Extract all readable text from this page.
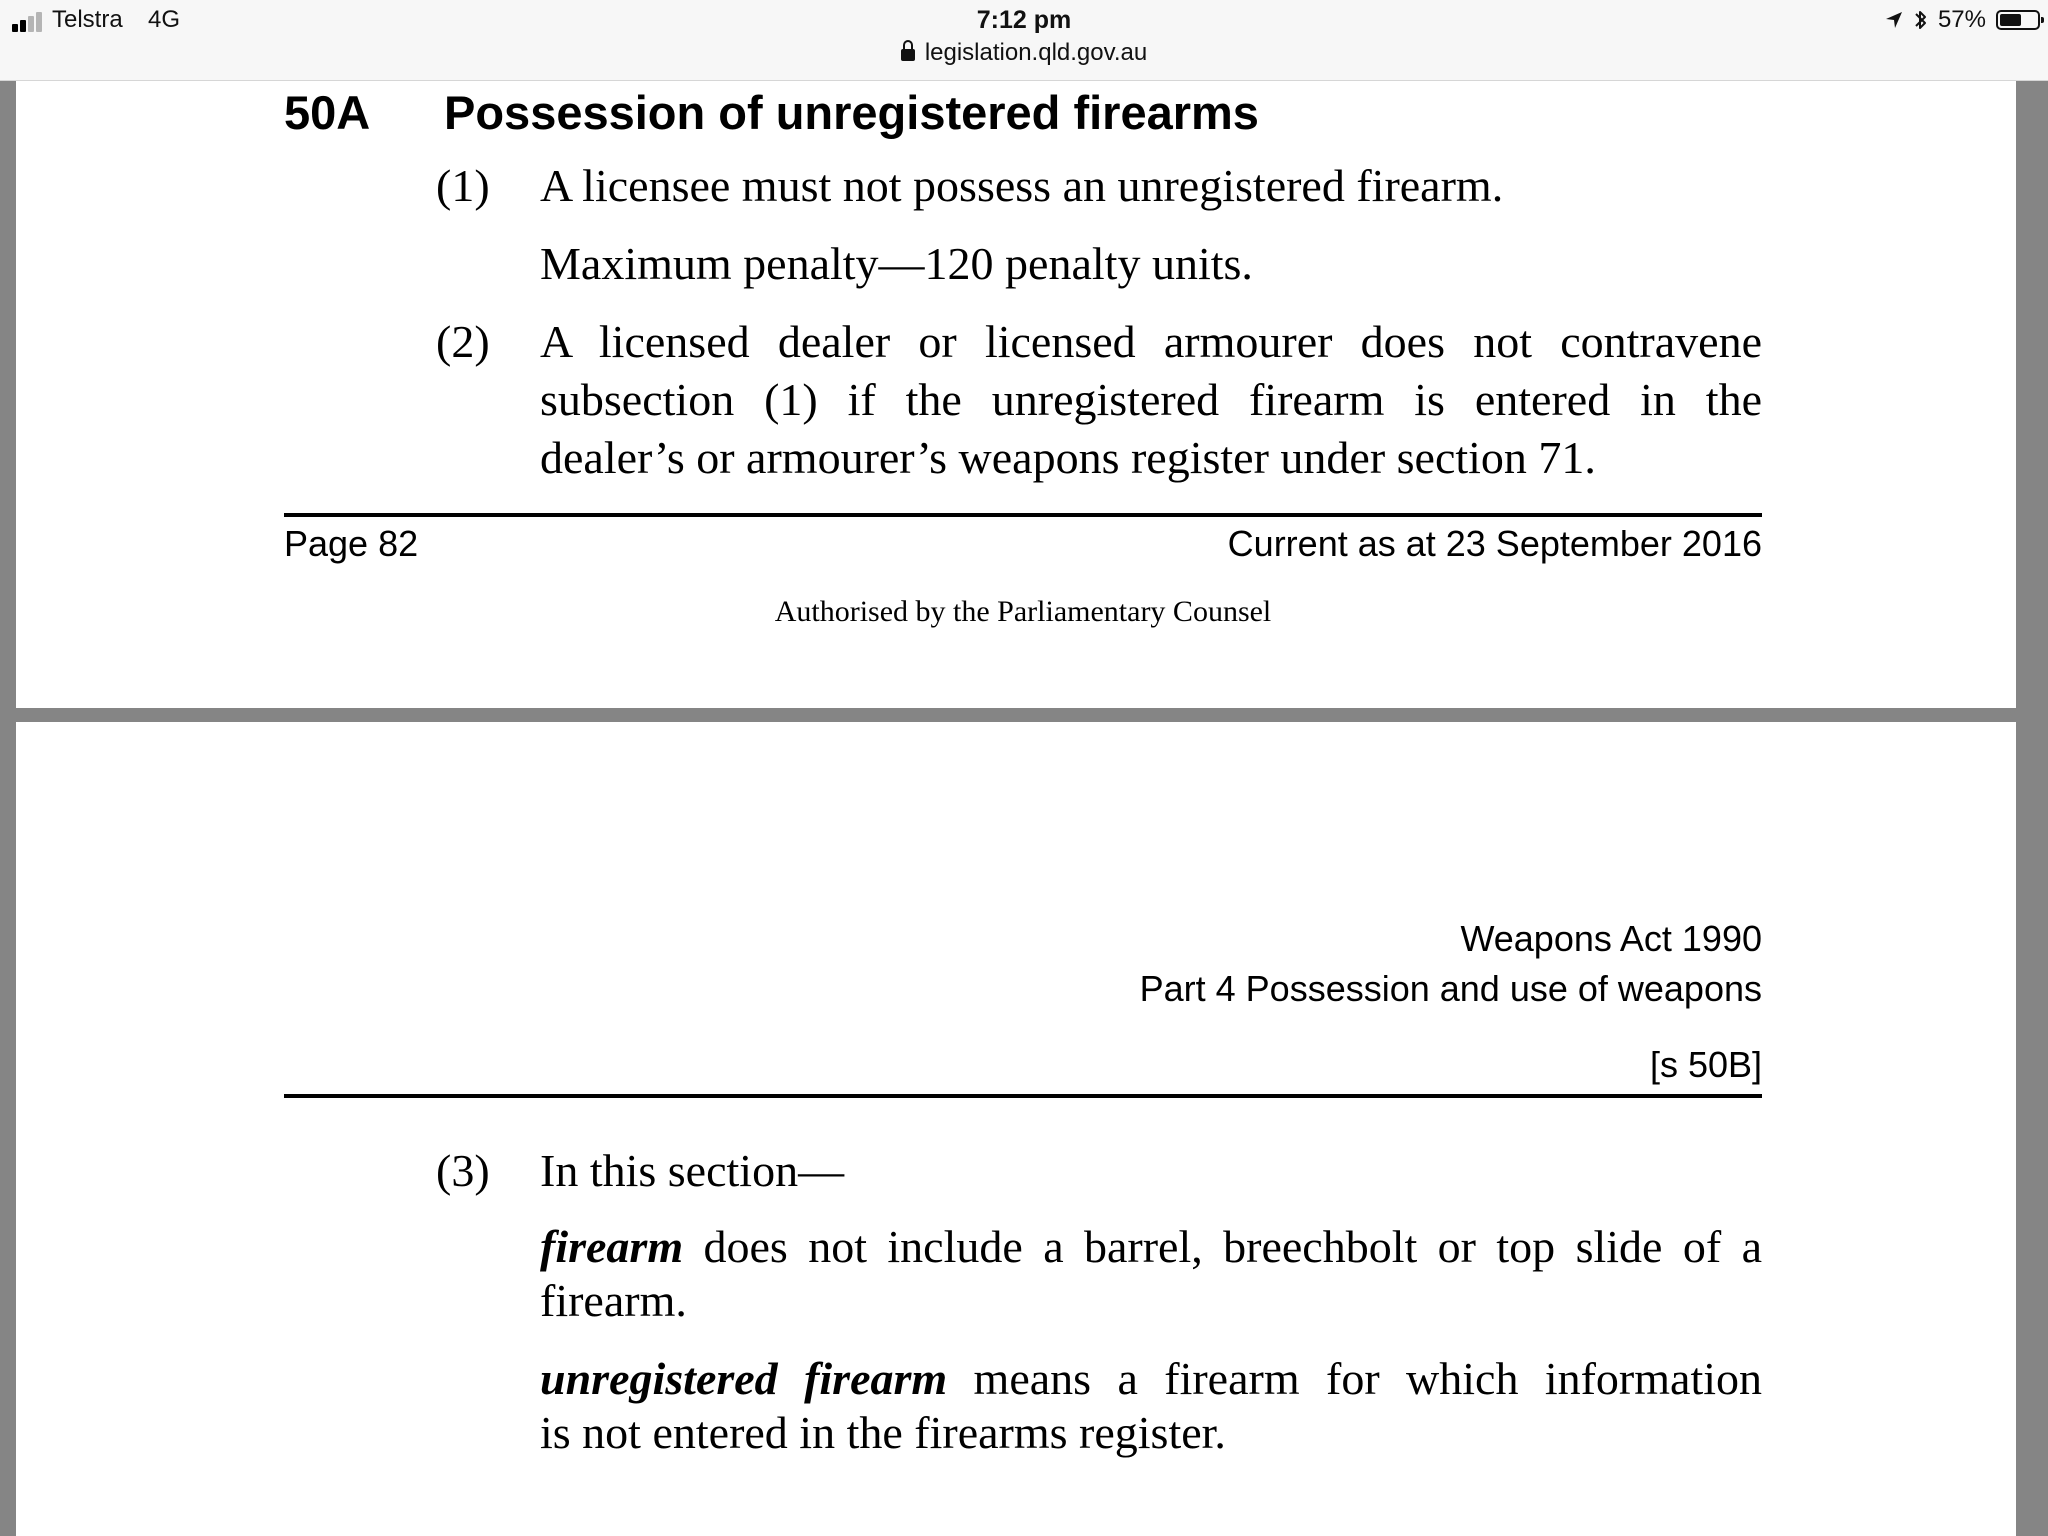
Telstra 4G	7:12 pm
legislation.qld.gov.au
57%
50A Possession of unregistered firearms
(1) A licensee must not possess an unregistered firearm.
Maximum penalty—120 penalty units.
(2) A licensed dealer or licensed armourer does not contravene
subsection (1) if the unregistered firearm is entered in the
dealer’s or armourer’s weapons register under section 71.
Page 82	Current as at 23 September 2016
Authorised by the Parliamentary Counsel
Weapons Act 1990
Part 4 Possession and use of weapons
[s 50B]
(3) In this section—
firearm does not include a barrel, breechbolt or top slide of a
firearm.
unregistered firearm means a firearm for which information
is not entered in the firearms register.
